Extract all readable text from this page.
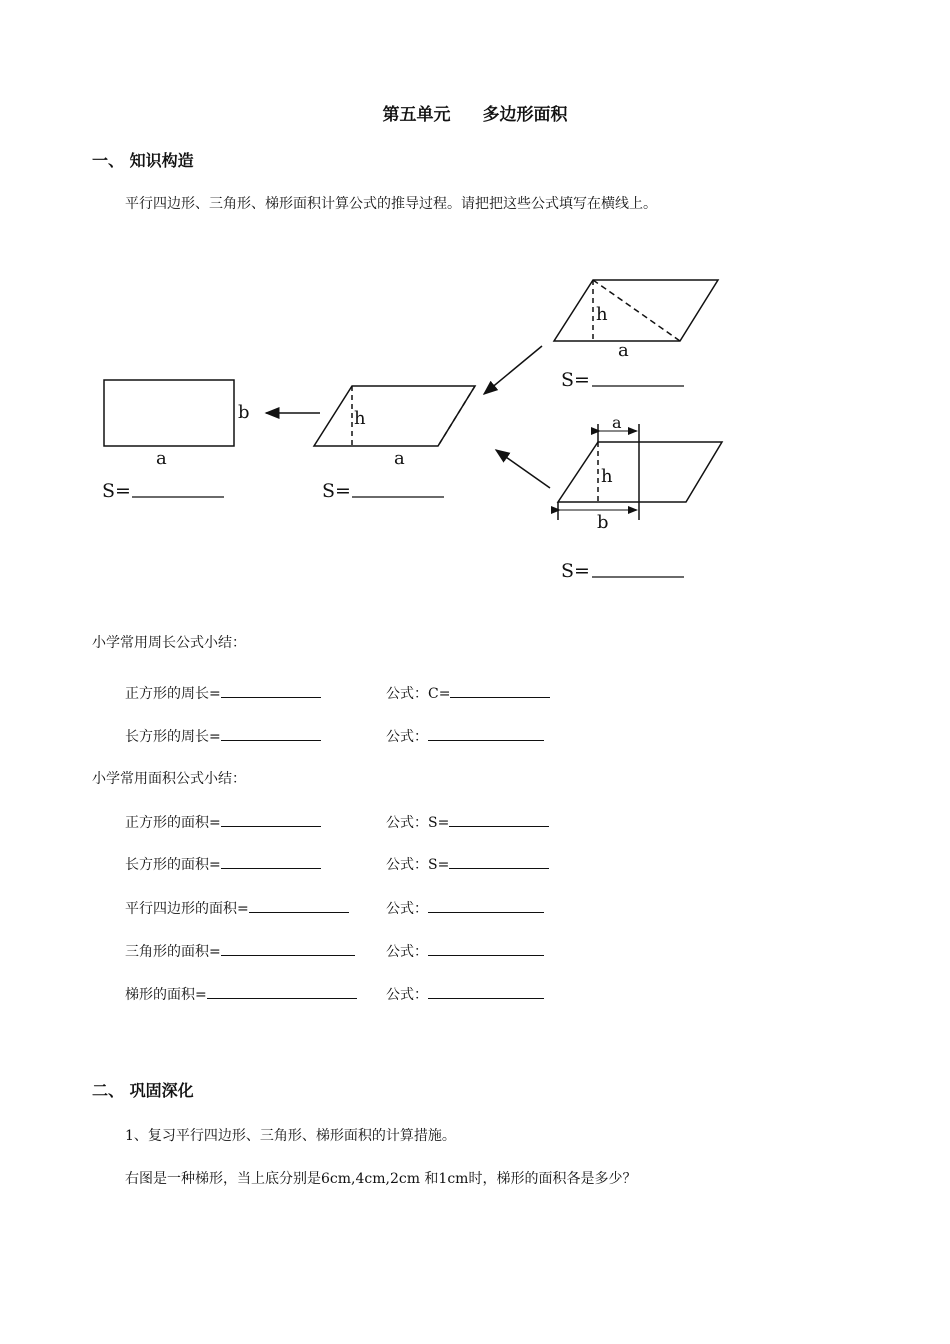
第五单元 多边形面积
一、 知识构造
平行四边形、三角形、梯形面积计算公式的推导过程。请把把这些公式填写在横线上。
b
a
h
a
h
a
a
h
b
S=	S=
S=
S=
小学常用周长公式小结：
正方形的周长=	公式：C=
长方形的周长=	公式：
小学常用面积公式小结：
正方形的面积=	公式：S=
长方形的面积=	公式：S=
平行四边形的面积=	公式：
三角形的面积=	公式：
梯形的面积=	公式：
二、 巩固深化
1、复习平行四边形、三角形、梯形面积的计算措施。
右图是一种梯形，当上底分别是6cm,4cm,2cm 和1cm时，梯形的面积各是多少？
